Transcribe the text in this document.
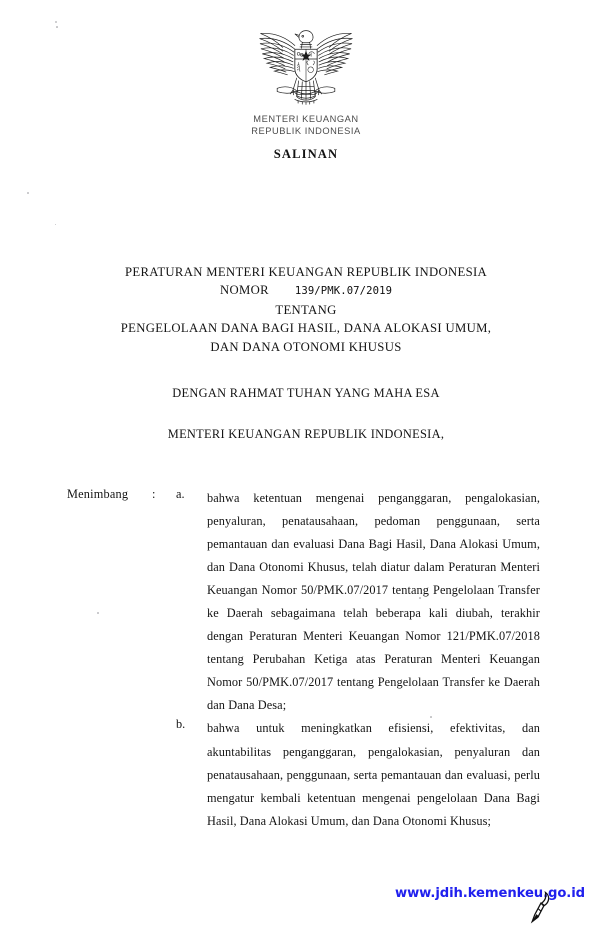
MENTERI KEUANGAN
REPUBLIK INDONESIA
SALINAN
PERATURAN MENTERI KEUANGAN REPUBLIK INDONESIA
NOMOR 139/PMK.07/2019
TENTANG
PENGELOLAAN DANA BAGI HASIL, DANA ALOKASI UMUM,
DAN DANA OTONOMI KHUSUS
DENGAN RAHMAT TUHAN YANG MAHA ESA
MENTERI KEUANGAN REPUBLIK INDONESIA,
Menimbang : a. bahwa ketentuan mengenai penganggaran, pengalokasian, penyaluran, penatausahaan, pedoman penggunaan, serta pemantauan dan evaluasi Dana Bagi Hasil, Dana Alokasi Umum, dan Dana Otonomi Khusus, telah diatur dalam Peraturan Menteri Keuangan Nomor 50/PMK.07/2017 tentang Pengelolaan Transfer ke Daerah sebagaimana telah beberapa kali diubah, terakhir dengan Peraturan Menteri Keuangan Nomor 121/PMK.07/2018 tentang Perubahan Ketiga atas Peraturan Menteri Keuangan Nomor 50/PMK.07/2017 tentang Pengelolaan Transfer ke Daerah dan Dana Desa;
b. bahwa untuk meningkatkan efisiensi, efektivitas, dan akuntabilitas penganggaran, pengalokasian, penyaluran dan penatausahaan, penggunaan, serta pemantauan dan evaluasi, perlu mengatur kembali ketentuan mengenai pengelolaan Dana Bagi Hasil, Dana Alokasi Umum, dan Dana Otonomi Khusus;
www.jdih.kemenkeu.go.id
